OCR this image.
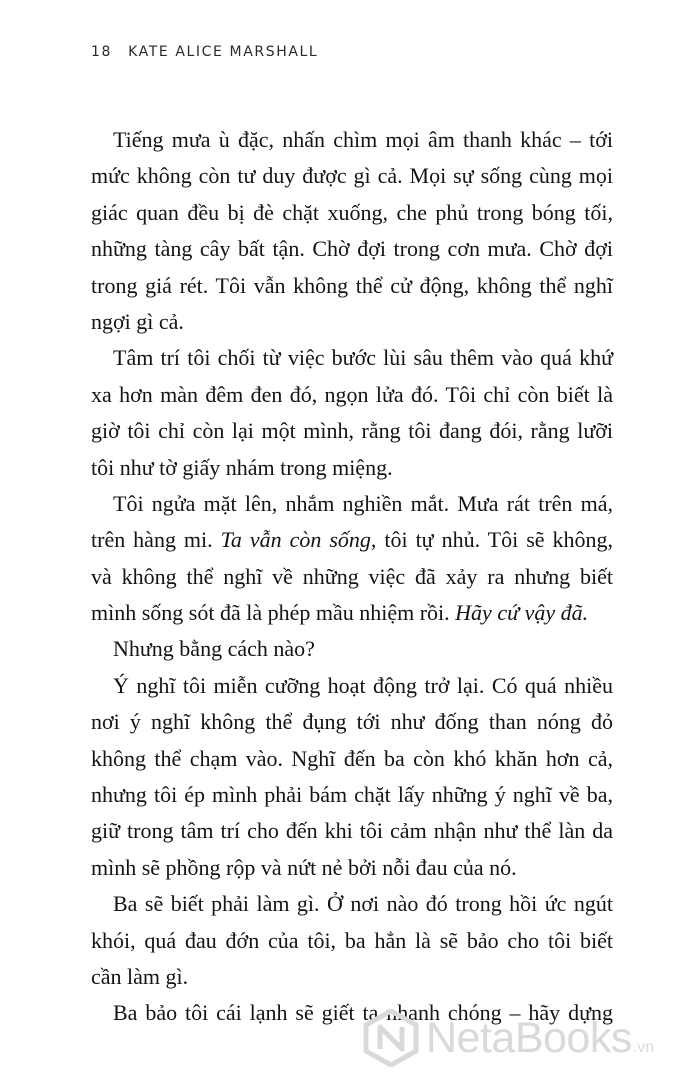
18 KATE ALICE MARSHALL
Tiếng mưa ù đặc, nhấn chìm mọi âm thanh khác – tới
mức không còn tư duy được gì cả. Mọi sự sống cùng mọi
giác quan đều bị đè chặt xuống, che phủ trong bóng tối,
những tàng cây bất tận. Chờ đợi trong cơn mưa. Chờ đợi
trong giá rét. Tôi vẫn không thể cử động, không thể nghĩ
ngợi gì cả.
Tâm trí tôi chối từ việc bước lùi sâu thêm vào quá khứ
xa hơn màn đêm đen đó, ngọn lửa đó. Tôi chỉ còn biết là
giờ tôi chỉ còn lại một mình, rằng tôi đang đói, rằng lưỡi
tôi như tờ giấy nhám trong miệng.
Tôi ngửa mặt lên, nhắm nghiền mắt. Mưa rát trên má,
trên hàng mi. Ta vẫn còn sống, tôi tự nhủ. Tôi sẽ không,
và không thể nghĩ về những việc đã xảy ra nhưng biết
mình sống sót đã là phép mầu nhiệm rồi. Hãy cứ vậy đã.
Nhưng bằng cách nào?
Ý nghĩ tôi miễn cưỡng hoạt động trở lại. Có quá nhiều
nơi ý nghĩ không thể đụng tới như đống than nóng đỏ
không thể chạm vào. Nghĩ đến ba còn khó khăn hơn cả,
nhưng tôi ép mình phải bám chặt lấy những ý nghĩ về ba,
giữ trong tâm trí cho đến khi tôi cảm nhận như thể làn da
mình sẽ phồng rộp và nứt nẻ bởi nỗi đau của nó.
Ba sẽ biết phải làm gì. Ở nơi nào đó trong hồi ức ngút
khói, quá đau đớn của tôi, ba hẳn là sẽ bảo cho tôi biết
cần làm gì.
Ba bảo tôi cái lạnh sẽ giết ta nhanh chóng – hãy dựng
NetaBooks.vn
